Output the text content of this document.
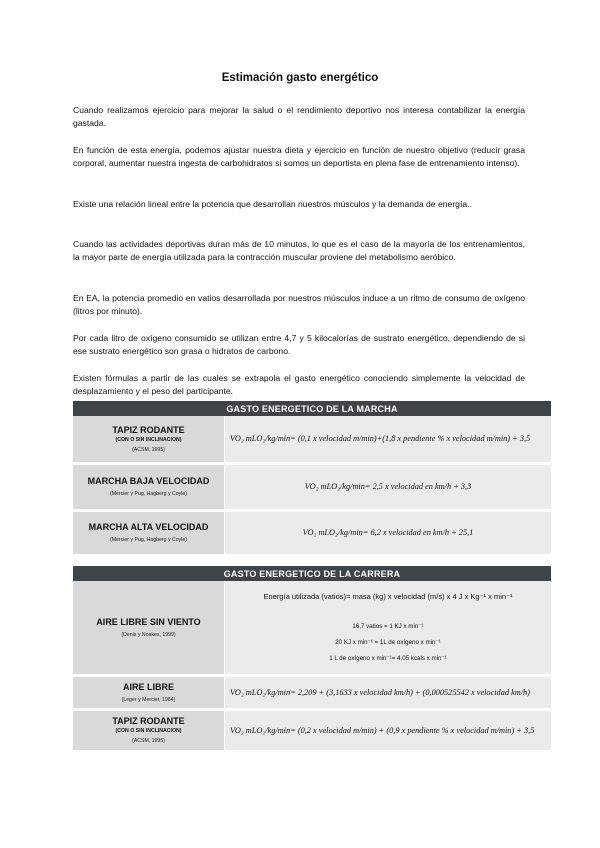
Estimación gasto energético

Cuando realizamos ejercicio para mejorar la salud o el rendimiento deportivo nos interesa contabilizar la energía gastada.

En función de esta energía, podemos ajustar nuestra dieta y ejercicio en función de nuestro objetivo (reducir grasa corporal, aumentar nuestra ingesta de carbohidratos si somos un deportista en plena fase de entrenamiento intenso).

Existe una relación lineal entre la potencia que desarrollan nuestros músculos y la demanda de energía..

Cuando las actividades deportivas duran más de 10 minutos, lo que es el caso de la mayoría de los entrenamientos, la mayor parte de energía utilizada para la contracción muscular proviene del metabolismo aeróbico.

En EA, la potencia promedio en vatios desarrollada por nuestros músculos induce a un ritmo de consumo de oxígeno (litros por minuto).

Por cada litro de oxígeno consumido se utilizan entre 4,7 y 5 kilocalorías de sustrato energético, dependiendo de si ese sustrato energético son grasa o hidratos de carbono.

Existen fórmulas a partir de las cuales se extrapola el gasto energético conociendo simplemente la velocidad de desplazamiento y el peso del participante.

GASTO ENERGETICO DE LA MARCHA	

TAPIZ RODANTE
(CON O SIN INCLINACION)
(ACSM, 1995)	VO₂ mLO₂/kg/min= (0,1 x velocidad m/min)+(1,8 x pendiente % x velocidad m/min) + 3,5

MARCHA BAJA VELOCIDAD
(Mercier y Pug, Hagberg y Coyle)	VO₂ mLO₂/kg/min= 2,5 x velocidad en km/h + 3,3

MARCHA ALTA VELOCIDAD
(Mercier y Pug, Hagberg y Coyle)	VO₂ mLO₂/kg/min= 6,2 x velocidad en km/h + 25,1
GASTO ENERGETICO DE LA CARRERA	

AIRE LIBRE SIN VIENTO
(Denis y Noakes, 1999)	Energía utilizada (vatios)= masa (kg) x velocidad (m/s) x 4 J x Kg⁻¹ x min⁻¹
16,7 vatios = 1 KJ x min⁻¹
20 KJ x min⁻¹ = 1L de oxígeno x min⁻¹
1 L de oxígeno x min⁻¹= 4,05 kcals x min⁻¹

AIRE LIBRE
(Leger y Mercier, 1984)	VO₂ mLO₂/kg/min= 2,209 + (3,1633 x velocidad km/h) + (0,000525542 x velocidad km/h)

TAPIZ RODANTE
(CON O SIN INCLINACION)
(ACSM, 1995)	VO₂ mLO₂/kg/min= (0,2 x velocidad m/min) + (0,9 x pendiente % x velocidad m/min) + 3,5
